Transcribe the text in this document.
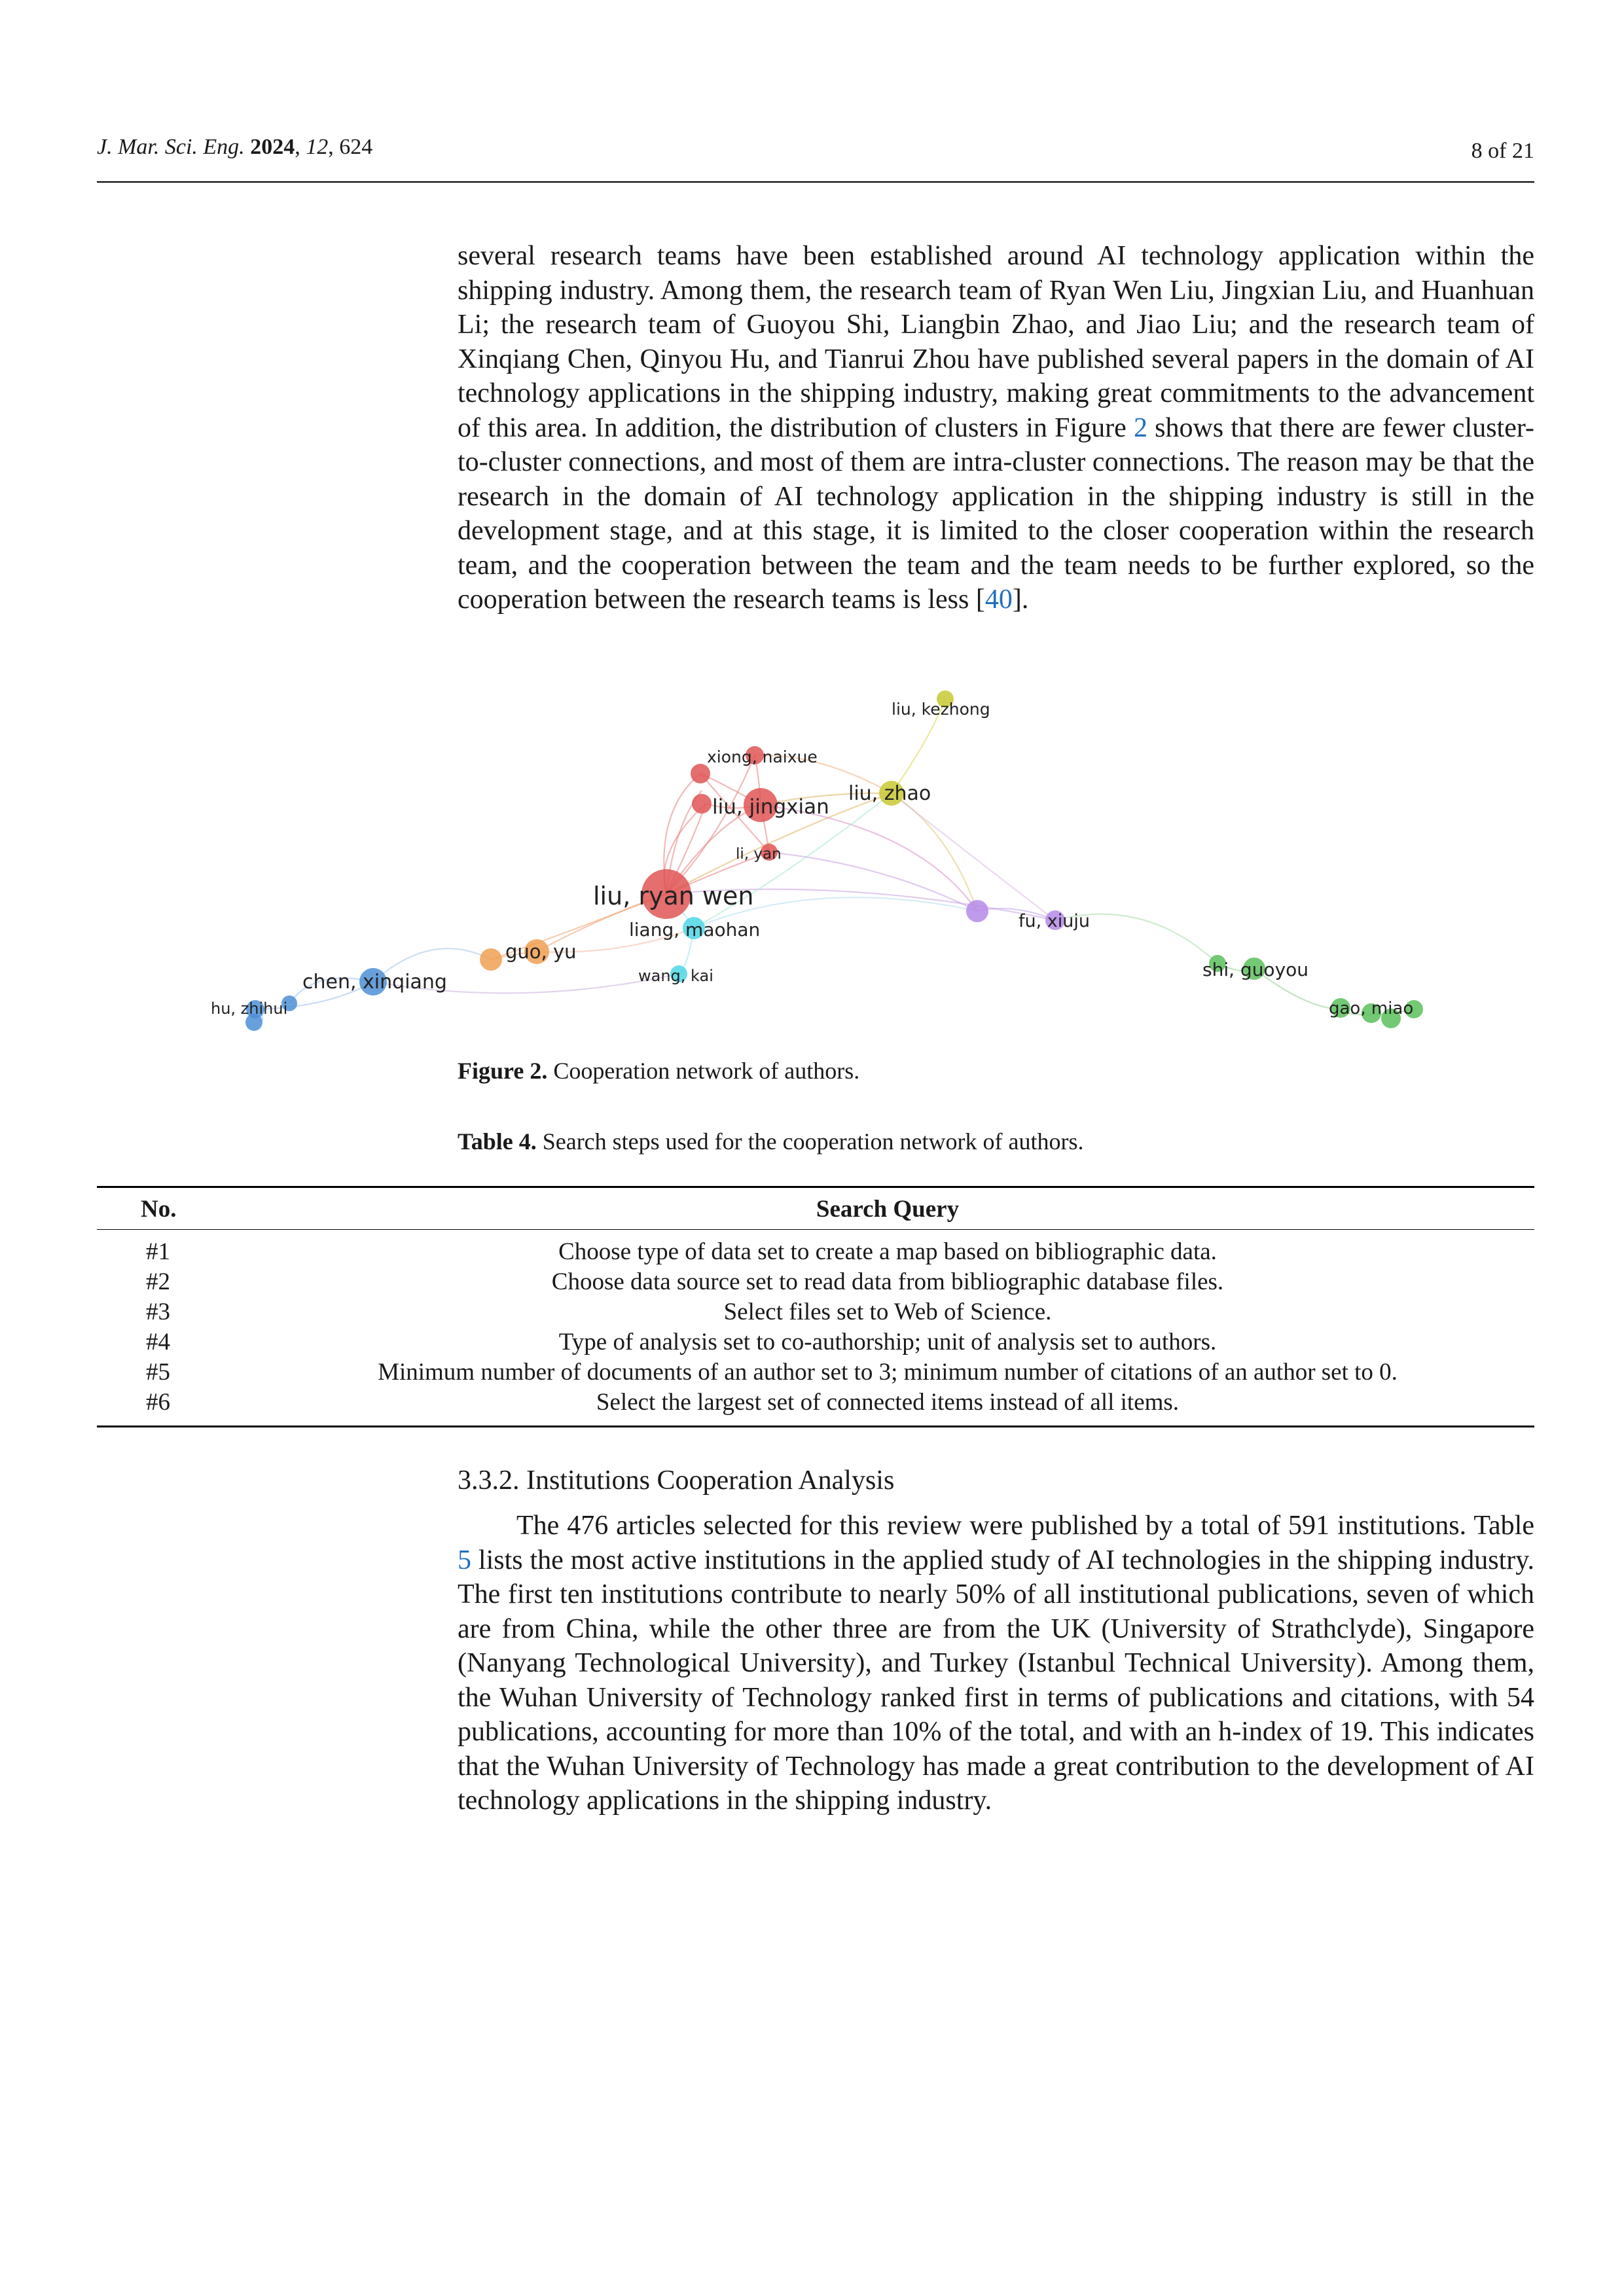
J. Mar. Sci. Eng. 2024, 12, 624	8 of 21
several research teams have been established around AI technology application within the shipping industry. Among them, the research team of Ryan Wen Liu, Jingxian Liu, and Huanhuan Li; the research team of Guoyou Shi, Liangbin Zhao, and Jiao Liu; and the research team of Xinqiang Chen, Qinyou Hu, and Tianrui Zhou have published several papers in the domain of AI technology applications in the shipping industry, making great commitments to the advancement of this area. In addition, the distribution of clusters in Figure 2 shows that there are fewer cluster-to-cluster connections, and most of them are intra-cluster connections. The reason may be that the research in the domain of AI technology application in the shipping industry is still in the development stage, and at this stage, it is limited to the closer cooperation within the research team, and the cooperation between the team and the team needs to be further explored, so the cooperation between the research teams is less [40].
liu, kezhong
xiong, naixue
liu, jingxian
liu, zhao
li, yan
liu, ryan wen
liang, maohan	fu, xiuju
guo, yu
chen, xinqiang	wang, kai
hu, zhihui
shi, guoyou
gao, miao
Figure 2. Cooperation network of authors.
Table 4. Search steps used for the cooperation network of authors.
No.	Search Query
#1	Choose type of data set to create a map based on bibliographic data.
#2	Choose data source set to read data from bibliographic database files.
#3	Select files set to Web of Science.
#4	Type of analysis set to co-authorship; unit of analysis set to authors.
#5	Minimum number of documents of an author set to 3; minimum number of citations of an author set to 0.
#6	Select the largest set of connected items instead of all items.
3.3.2. Institutions Cooperation Analysis
The 476 articles selected for this review were published by a total of 591 institutions. Table 5 lists the most active institutions in the applied study of AI technologies in the shipping industry. The first ten institutions contribute to nearly 50% of all institutional publications, seven of which are from China, while the other three are from the UK (University of Strathclyde), Singapore (Nanyang Technological University), and Turkey (Istanbul Technical University). Among them, the Wuhan University of Technology ranked first in terms of publications and citations, with 54 publications, accounting for more than 10% of the total, and with an h-index of 19. This indicates that the Wuhan University of Technology has made a great contribution to the development of AI technology applications in the shipping industry.
